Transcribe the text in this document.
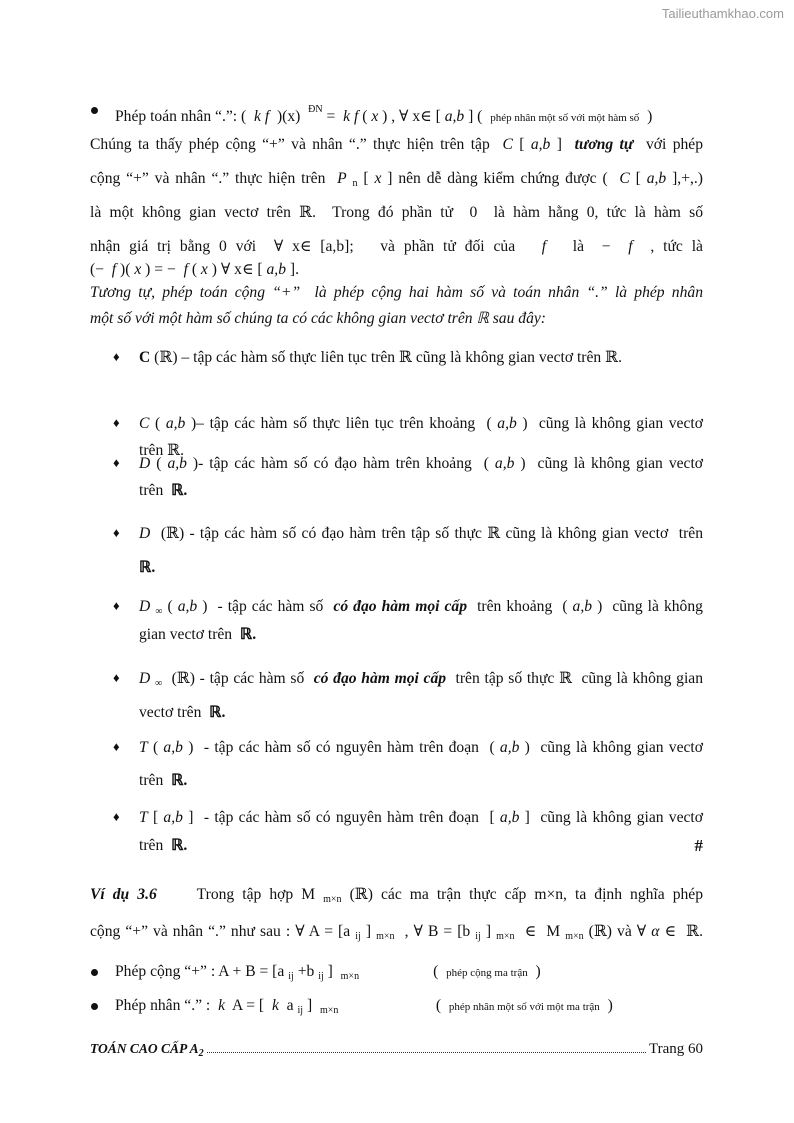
Tailieuthamkhao.com
Phép toán nhân “.”: (  k f  )(x)  $^{ĐN}$ =  k f ( x ) , ∀ x∈ [ a,b ] (  phép nhân một số với một hàm số  )
Chúng ta thấy phép cộng “+” và nhân “.” thực hiện trên tập  C [ a,b ]  tương tự  với phép
cộng “+” và nhân “.” thực hiện trên  P $_n$ [ x ] nên dễ dàng kiểm chứng được (  C [ a,b ],+,.)
là một không gian vectơ trên ℝ.  Trong đó phần tử  0  là hàm hằng 0, tức là hàm số
nhận giá trị bằng 0 với  ∀ x∈ [a,b];   và phần tử đối của   f   là  −  f  , tức là
(−  f )( x ) = −  f ( x ) ∀ x∈ [ a,b ].
Tương tự, phép toán cộng “+”  là phép cộng hai hàm số và toán nhân “.” là phép nhân
một số với một hàm số chúng ta có các không gian vectơ trên ℝ sau đây:
♦ C (ℝ) – tập các hàm số thực liên tục trên ℝ cũng là không gian vectơ trên ℝ.
♦ C ( a,b )– tập các hàm số thực liên tục trên khoảng  ( a,b )  cũng là không gian vectơ
trên ℝ.
♦ D ( a,b )- tập các hàm số có đạo hàm trên khoảng  ( a,b )  cũng là không gian vectơ
trên  ℝ.
♦ D  (ℝ) - tập các hàm số có đạo hàm trên tập số thực ℝ cũng là không gian vectơ  trên
ℝ.
♦ D $_\infty$ ( a,b )  - tập các hàm số  có đạo hàm mọi cấp  trên khoảng  ( a,b )  cũng là không
gian vectơ trên  ℝ.
♦ D $_\infty$  (ℝ) - tập các hàm số  có đạo hàm mọi cấp  trên tập số thực ℝ  cũng là không gian
vectơ trên  ℝ.
♦ T ( a,b )  - tập các hàm số có nguyên hàm trên đoạn  ( a,b )  cũng là không gian vectơ
trên  ℝ.
♦ T [ a,b ]  - tập các hàm số có nguyên hàm trên đoạn  [ a,b ]  cũng là không gian vectơ
trên  ℝ.
Ví dụ 3.6     Trong tập hợp M $_{m\times n}$ (ℝ) các ma trận thực cấp m×n, ta định nghĩa phép
cộng “+” và nhân “.” như sau : ∀ A = [a $_{ij}$ ] $_{m\times n}$  , ∀ B = [b $_{ij}$ ] $_{m\times n}$  ∈  M $_{m\times n}$ (ℝ) và ∀ α ∈  ℝ.
Phép cộng “+” : A + B = [a $_{ij}$ +b $_{ij}$ ]  $_{m\times n}$                   (  phép cộng ma trận  )
Phép nhân “.” :  k  A = [  k  a $_{ij}$ ]  $_{m\times n}$                         (  phép nhân một số với một ma trận  )
#
TOÁN CAO CẤP $A_2$	Trang 60
